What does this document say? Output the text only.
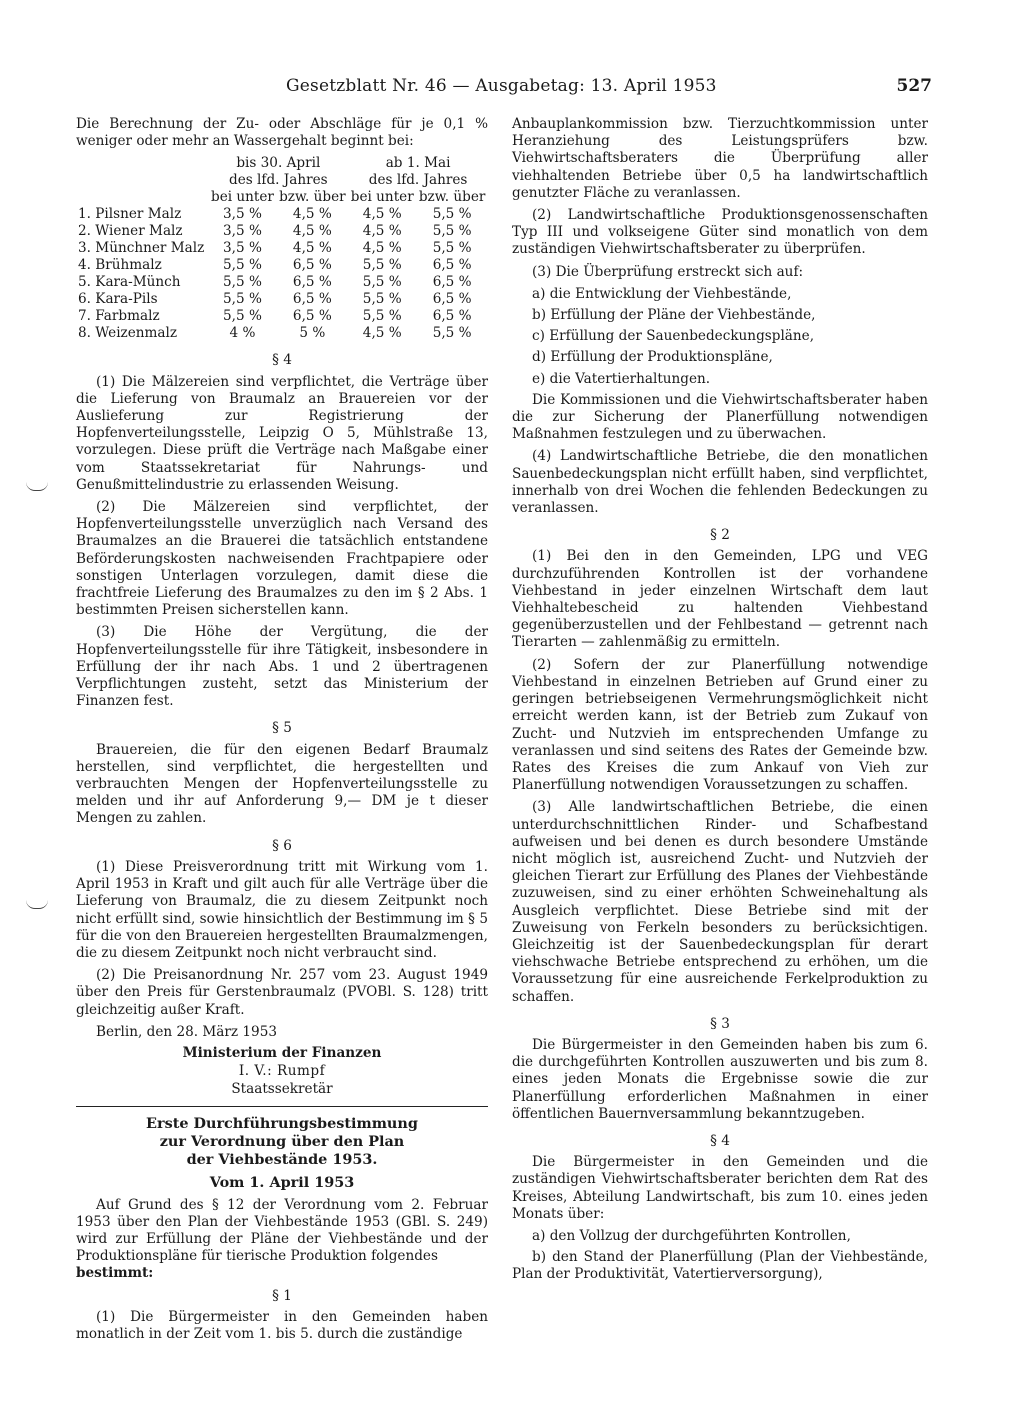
Gesetzblatt Nr. 46 — Ausgabetag: 13. April 1953	527

Die Berechnung der Zu- oder Abschläge für je 0,1 % weniger oder mehr an Wassergehalt beginnt bei:

	bis 30. April		ab 1. Mai	
	des lfd. Jahres		des lfd. Jahres	
	bei unter	bzw. über	bei unter	bzw. über
1. Pilsner Malz	3,5 %	4,5 %	4,5 %	5,5 %
2. Wiener Malz	3,5 %	4,5 %	4,5 %	5,5 %
3. Münchner Malz	3,5 %	4,5 %	4,5 %	5,5 %
4. Brühmalz	5,5 %	6,5 %	5,5 %	6,5 %
5. Kara-Münch	5,5 %	6,5 %	5,5 %	6,5 %
6. Kara-Pils	5,5 %	6,5 %	5,5 %	6,5 %
7. Farbmalz	5,5 %	6,5 %	5,5 %	6,5 %
8. Weizenmalz	4 %	5 %	4,5 %	5,5 %

§ 4

(1) Die Mälzereien sind verpflichtet, die Verträge über die Lieferung von Braumalz an Brauereien vor der Auslieferung zur Registrierung der Hopfenverteilungsstelle, Leipzig O 5, Mühlstraße 13, vorzulegen. Diese prüft die Verträge nach Maßgabe einer vom Staatssekretariat für Nahrungs- und Genußmittelindustrie zu erlassenden Weisung.

(2) Die Mälzereien sind verpflichtet, der Hopfenverteilungsstelle unverzüglich nach Versand des Braumalzes an die Brauerei die tatsächlich entstandene Beförderungskosten nachweisenden Frachtpapiere oder sonstigen Unterlagen vorzulegen, damit diese die frachtfreie Lieferung des Braumalzes zu den im § 2 Abs. 1 bestimmten Preisen sicherstellen kann.

(3) Die Höhe der Vergütung, die der Hopfenverteilungsstelle für ihre Tätigkeit, insbesondere in Erfüllung der ihr nach Abs. 1 und 2 übertragenen Verpflichtungen zusteht, setzt das Ministerium der Finanzen fest.

§ 5

Brauereien, die für den eigenen Bedarf Braumalz herstellen, sind verpflichtet, die hergestellten und verbrauchten Mengen der Hopfenverteilungsstelle zu melden und ihr auf Anforderung 9,— DM je t dieser Mengen zu zahlen.

§ 6

(1) Diese Preisverordnung tritt mit Wirkung vom 1. April 1953 in Kraft und gilt auch für alle Verträge über die Lieferung von Braumalz, die zu diesem Zeitpunkt noch nicht erfüllt sind, sowie hinsichtlich der Bestimmung im § 5 für die von den Brauereien hergestellten Braumalzmengen, die zu diesem Zeitpunkt noch nicht verbraucht sind.

(2) Die Preisanordnung Nr. 257 vom 23. August 1949 über den Preis für Gerstenbraumalz (PVOBl. S. 128) tritt gleichzeitig außer Kraft.

Berlin, den 28. März 1953

Ministerium der Finanzen

I. V.: Rumpf

Staatssekretär

Erste Durchführungsbestimmung

zur Verordnung über den Plan

der Viehbestände 1953.

Vom 1. April 1953

Auf Grund des § 12 der Verordnung vom 2. Februar 1953 über den Plan der Viehbestände 1953 (GBl. S. 249) wird zur Erfüllung der Pläne der Viehbestände und der Produktionspläne für tierische Produktion folgendes

bestimmt:

§ 1

(1) Die Bürgermeister in den Gemeinden haben monatlich in der Zeit vom 1. bis 5. durch die zuständige

Anbauplankommission bzw. Tierzuchtkommission unter Heranziehung des Leistungsprüfers bzw. Viehwirtschaftsberaters die Überprüfung aller viehhaltenden Betriebe über 0,5 ha landwirtschaftlich genutzter Fläche zu veranlassen.

(2) Landwirtschaftliche Produktionsgenossenschaften Typ III und volkseigene Güter sind monatlich von dem zuständigen Viehwirtschaftsberater zu überprüfen.

(3) Die Überprüfung erstreckt sich auf:

a) die Entwicklung der Viehbestände,

b) Erfüllung der Pläne der Viehbestände,

c) Erfüllung der Sauenbedeckungspläne,

d) Erfüllung der Produktionspläne,

e) die Vatertierhaltungen.

Die Kommissionen und die Viehwirtschaftsberater haben die zur Sicherung der Planerfüllung notwendigen Maßnahmen festzulegen und zu überwachen.

(4) Landwirtschaftliche Betriebe, die den monatlichen Sauenbedeckungsplan nicht erfüllt haben, sind verpflichtet, innerhalb von drei Wochen die fehlenden Bedeckungen zu veranlassen.

§ 2

(1) Bei den in den Gemeinden, LPG und VEG durchzuführenden Kontrollen ist der vorhandene Viehbestand in jeder einzelnen Wirtschaft dem laut Viehhaltebescheid zu haltenden Viehbestand gegenüberzustellen und der Fehlbestand — getrennt nach Tierarten — zahlenmäßig zu ermitteln.

(2) Sofern der zur Planerfüllung notwendige Viehbestand in einzelnen Betrieben auf Grund einer zu geringen betriebseigenen Vermehrungsmöglichkeit nicht erreicht werden kann, ist der Betrieb zum Zukauf von Zucht- und Nutzvieh im entsprechenden Umfange zu veranlassen und sind seitens des Rates der Gemeinde bzw. Rates des Kreises die zum Ankauf von Vieh zur Planerfüllung notwendigen Voraussetzungen zu schaffen.

(3) Alle landwirtschaftlichen Betriebe, die einen unterdurchschnittlichen Rinder- und Schafbestand aufweisen und bei denen es durch besondere Umstände nicht möglich ist, ausreichend Zucht- und Nutzvieh der gleichen Tierart zur Erfüllung des Planes der Viehbestände zuzuweisen, sind zu einer erhöhten Schweinehaltung als Ausgleich verpflichtet. Diese Betriebe sind mit der Zuweisung von Ferkeln besonders zu berücksichtigen. Gleichzeitig ist der Sauenbedeckungsplan für derart viehschwache Betriebe entsprechend zu erhöhen, um die Voraussetzung für eine ausreichende Ferkelproduktion zu schaffen.

§ 3

Die Bürgermeister in den Gemeinden haben bis zum 6. die durchgeführten Kontrollen auszuwerten und bis zum 8. eines jeden Monats die Ergebnisse sowie die zur Planerfüllung erforderlichen Maßnahmen in einer öffentlichen Bauernversammlung bekanntzugeben.

§ 4

Die Bürgermeister in den Gemeinden und die zuständigen Viehwirtschaftsberater berichten dem Rat des Kreises, Abteilung Landwirtschaft, bis zum 10. eines jeden Monats über:

a) den Vollzug der durchgeführten Kontrollen,

b) den Stand der Planerfüllung (Plan der Viehbestände, Plan der Produktivität, Vatertierversorgung),
